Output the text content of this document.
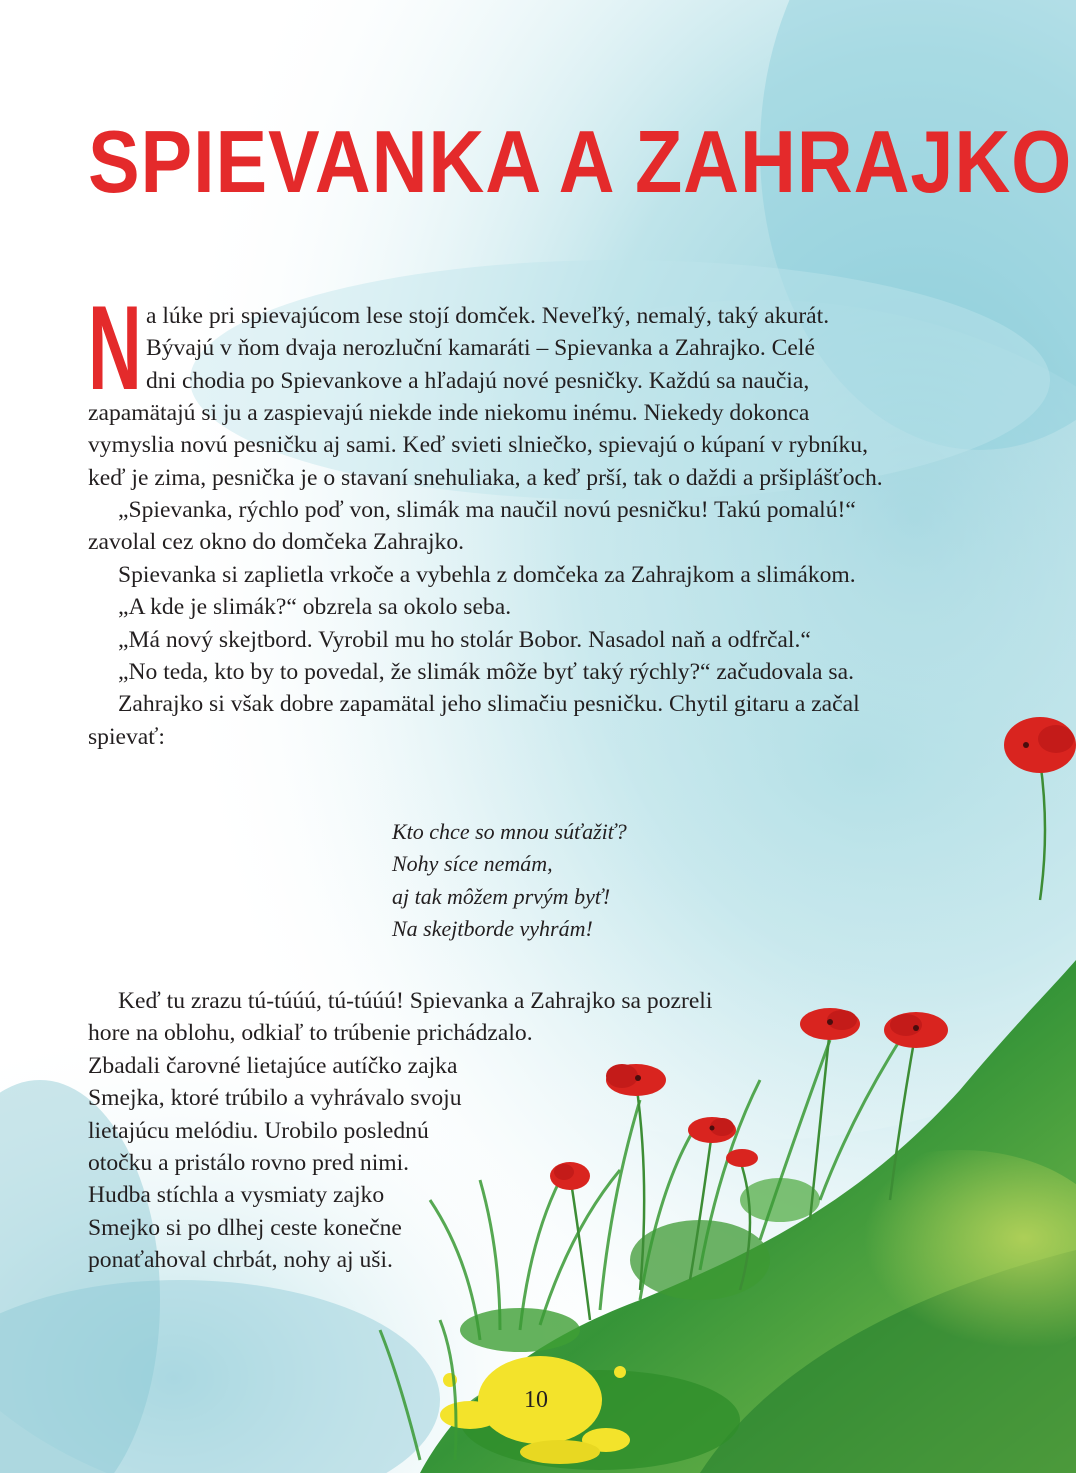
SPIEVANKA A ZAHRAJKO
N a lúke pri spievajúcom lese stojí domček. Nevеľký, nemalý, taký akurát.
Bývajú v ňom dvaja nerozluční kamaráti – Spievanka a Zahrajko. Celé
dni chodia po Spievankove a hľadajú nové pesničky. Každú sa naučia,
zapamätajú si ju a zaspievajú niekde inde niekomu inému. Niekedy dokonca
vymyslia novú pesničku aj sami. Keď svieti slniečko, spievajú o kúpaní v rybníku,
keď je zima, pesnička je o stavaní snehuliaka, a keď prší, tak o daždi a pršiplášťoch.
„Spievanka, rýchlo poď von, slimák ma naučil novú pesničku! Takú pomalú!“
zavolal cez okno do domčeka Zahrajko.
Spievanka si zaplietla vrkoče a vybehla z domčeka za Zahrajkom a slimákom.
„A kde je slimák?“ obzrela sa okolo seba.
„Má nový skejtbord. Vyrobil mu ho stolár Bobor. Nasadol naň a odfrčal.“
„No teda, kto by to povedal, že slimák môže byť taký rýchly?“ začudovala sa.
Zahrajko si však dobre zapamätal jeho slimačiu pesničku. Chytil gitaru a začal
spievať:
Kto chce so mnou súťažiť?
Nohy síce nemám,
aj tak môžem prvým byť!
Na skejtborde vyhrám!
Keď tu zrazu tú-túúú, tú-túúú! Spievanka a Zahrajko sa pozreli
hore na oblohu, odkiaľ to trúbenie prichádzalo.
Zbadali čarovné lietajúce autíčko zajka
Smejka, ktoré trúbilo a vyhrávalo svoju
lietajúcu melódiu. Urobilo poslednú
otočku a pristálo rovno pred nimi.
Hudba stíchla a vysmiaty zajko
Smejko si po dlhej ceste konečne
ponaťahoval chrbát, nohy aj uši.
10
